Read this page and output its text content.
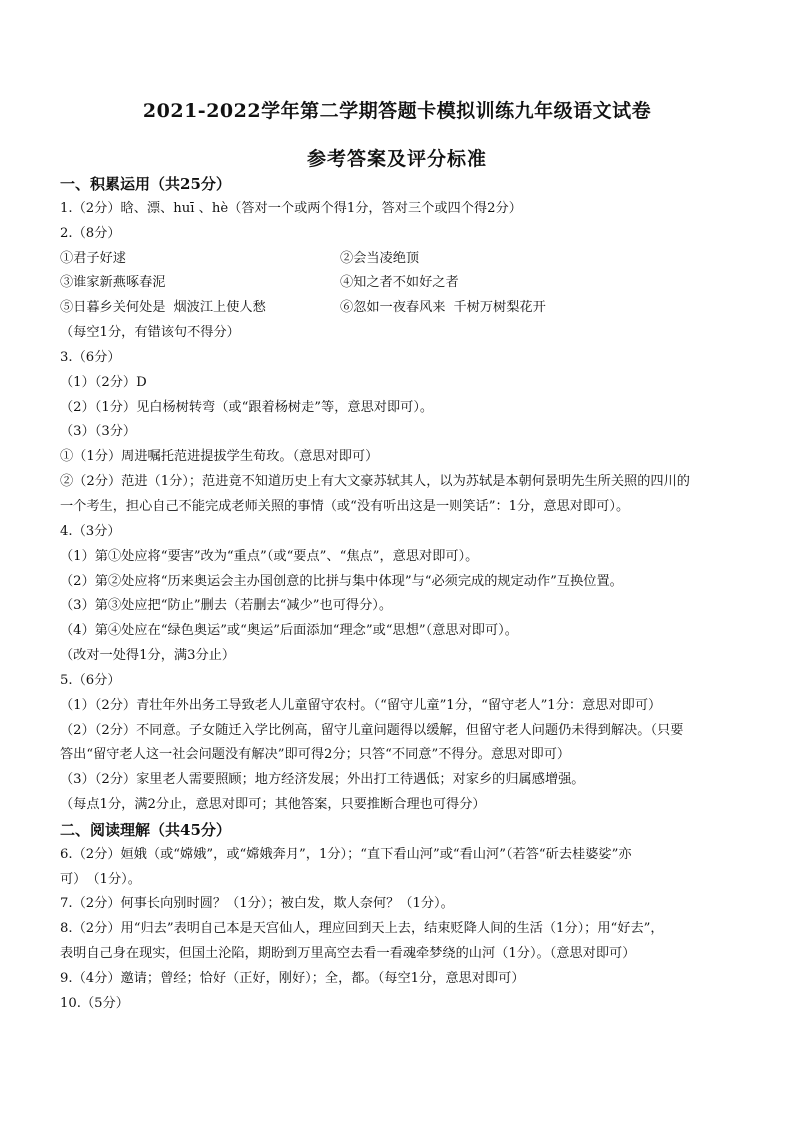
2021-2022学年第二学期答题卡模拟训练九年级语文试卷
参考答案及评分标准
一、积累运用（共25分）
1.（2分）晗、漂、huī 、hè（答对一个或两个得1分，答对三个或四个得2分）
2.（8分）
①君子好逑	②会当凌绝顶
③谁家新燕啄春泥	④知之者不如好之者
⑤日暮乡关何处是 烟波江上使人愁	⑥忽如一夜春风来 千树万树梨花开
（每空1分，有错该句不得分）
3.（6分）
（1）（2分）D
（2）（1分）见白杨树转弯（或“跟着杨树走”等，意思对即可）。
（3）（3分）
①（1分）周进嘱托范进提拔学生荀玫。（意思对即可）
②（2分）范进（1分）；范进竟不知道历史上有大文豪苏轼其人，以为苏轼是本朝何景明先生所关照的四川的
一个考生，担心自己不能完成老师关照的事情（或“没有听出这是一则笑话”：1分，意思对即可）。
4.（3分）
（1）第①处应将“要害”改为“重点”（或“要点”、“焦点”，意思对即可）。
（2）第②处应将“历来奥运会主办国创意的比拼与集中体现”与“必须完成的规定动作”互换位置。
（3）第③处应把“防止”删去（若删去“减少”也可得分）。
（4）第④处应在“绿色奥运”或“奥运”后面添加“理念”或“思想”（意思对即可）。
（改对一处得1分，满3分止）
5.（6分）
（1）（2分）青壮年外出务工导致老人儿童留守农村。（“留守儿童”1分，“留守老人”1分：意思对即可）
（2）（2分）不同意。子女随迁入学比例高，留守儿童问题得以缓解，但留守老人问题仍未得到解决。（只要
答出“留守老人这一社会问题没有解决”即可得2分；只答“不同意”不得分。意思对即可）
（3）（2分）家里老人需要照顾；地方经济发展；外出打工待遇低；对家乡的归属感增强。
（每点1分，满2分止，意思对即可；其他答案，只要推断合理也可得分）
二、阅读理解（共45分）
6.（2分）姮娥（或“嫦娥”，或“嫦娥奔月”，1分）；“直下看山河”或“看山河”（若答“斫去桂婆娑”亦
可）　（1分）。
7.（2分）何事长向别时圆？（1分）；被白发，欺人奈何？（1分）。
8.（2分）用“归去”表明自己本是天宫仙人，理应回到天上去，结束贬降人间的生活（1分）；用“好去”，
表明自己身在现实，但国土沦陷，期盼到万里高空去看一看魂牵梦绕的山河（1分）。（意思对即可）
9.（4分）邀请；曾经；恰好（正好，刚好）；全，都。（每空1分，意思对即可）
10.（5分）
